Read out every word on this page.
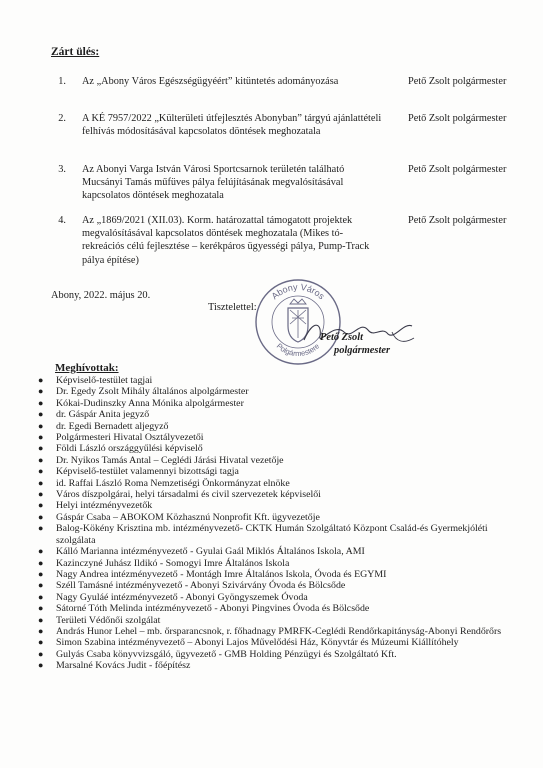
Zárt ülés:
1. Az „Abony Város Egészségügyéért” kitüntetés adományozása	Pető Zsolt polgármester
2. A KÉ 7957/2022 „Külterületi útfejlesztés Abonyban” tárgyú ajánlattételi felhívás módosításával kapcsolatos döntések meghozatala
Pető Zsolt polgármester
3. Az Abonyi Varga István Városi Sportcsarnok területén található Mucsányi Tamás műfüves pálya felújításának megvalósításával kapcsolatos döntések meghozatala
Pető Zsolt polgármester
4. Az „1869/2021 (XII.03). Korm. határozattal támogatott projektek megvalósításával kapcsolatos döntések meghozatala (Mikes tó-rekreációs célú fejlesztése – kerékpáros ügyességi pálya, Pump-Track pálya építése)
Pető Zsolt polgármester
Abony, 2022. május 20.	Abony Város
Polgármestere
Tisztelettel:
Pető Zsolt
polgármester
Meghívottak:
● Képviselő-testület tagjai
● Dr. Egedy Zsolt Mihály általános alpolgármester
● Kókai-Dudinszky Anna Mónika alpolgármester
● dr. Gáspár Anita jegyző
● dr. Egedi Bernadett aljegyző
● Polgármesteri Hivatal Osztályvezetői
● Földi László országgyűlési képviselő
● Dr. Nyikos Tamás Antal – Ceglédi Járási Hivatal vezetője
● Képviselő-testület valamennyi bizottsági tagja
● id. Raffai László Roma Nemzetiségi Önkormányzat elnöke
● Város díszpolgárai, helyi társadalmi és civil szervezetek képviselői
● Helyi intézményvezetők
● Gáspár Csaba – ABOKOM Közhasznú Nonprofit Kft. ügyvezetője
● Balog-Kökény Krisztina mb. intézményvezető- CKTK Humán Szolgáltató Központ Család-és Gyermekjóléti szolgálata
● Kálló Marianna intézményvezető - Gyulai Gaál Miklós Általános Iskola, AMI
● Kazinczyné Juhász Ildikó - Somogyi Imre Általános Iskola
● Nagy Andrea intézményvezető - Montágh Imre Általános Iskola, Óvoda és EGYMI
● Széll Tamásné intézményvezető - Abonyi Szivárvány Óvoda és Bölcsőde
● Nagy Gyuláé intézményvezető - Abonyi Gyöngyszemek Óvoda
● Sátorné Tóth Melinda intézményvezető - Abonyi Pingvines Óvoda és Bölcsőde
● Területi Védőnői szolgálat
● András Hunor Lehel – mb. őrsparancsnok, r. főhadnagy PMRFK-Ceglédi Rendőrkapitányság-Abonyi Rendőrőrs
● Simon Szabina intézményvezető – Abonyi Lajos Művelődési Ház, Könyvtár és Múzeumi Kiállítóhely
● Gulyás Csaba könyvvizsgáló, ügyvezető - GMB Holding Pénzügyi és Szolgáltató Kft.
● Marsalné Kovács Judit - főépítész
